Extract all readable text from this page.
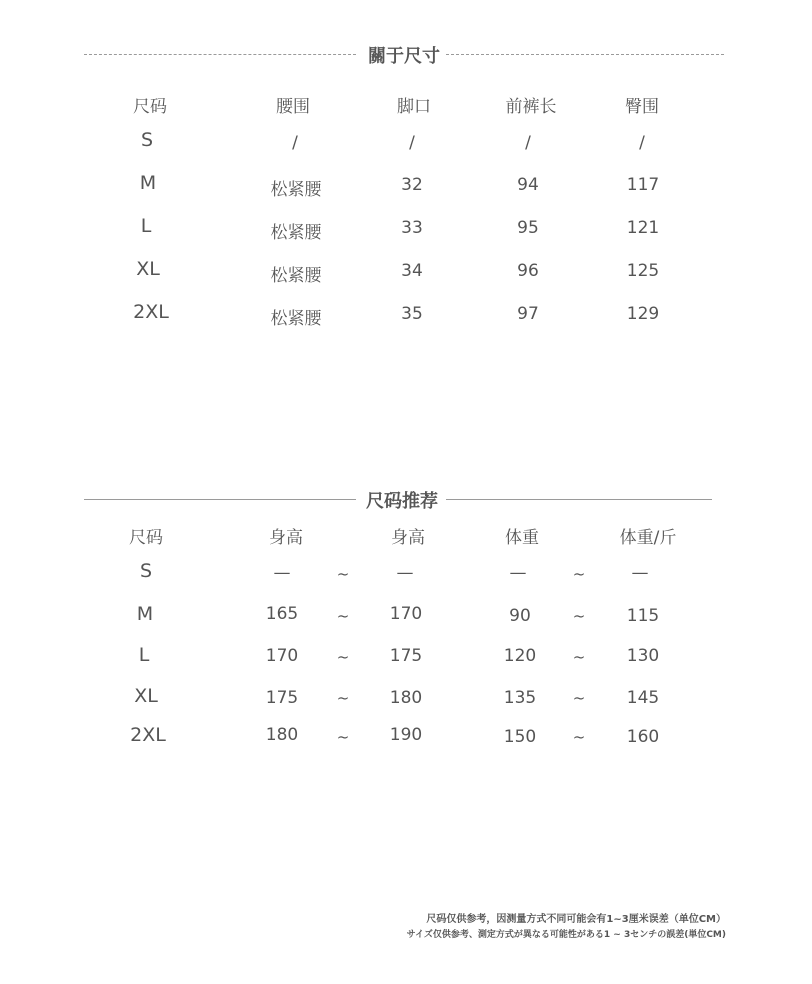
關于尺寸
尺码	腰围	脚口	前裤长	臀围
S	/	/	/	/
M	松紧腰	32	94	117
L	松紧腰	33	95	121
XL	松紧腰	34	96	125
2XL	松紧腰	35	97	129
尺码推荐
尺码	身高	身高	体重	体重/斤
S	—	~	—	—	~	—
M	165	~ 170	90	~ 115
L	170	~ 175	120 ~ 130
XL	175	~ 180	135 ~ 145
2XL	180	~ 190	150 ~ 160
尺码仅供参考，因测量方式不同可能会有1~3厘米误差（单位CM）
サイズ仅供参考、測定方式が異なる可能性がある1 ~ 3センチの誤差(単位CM)
